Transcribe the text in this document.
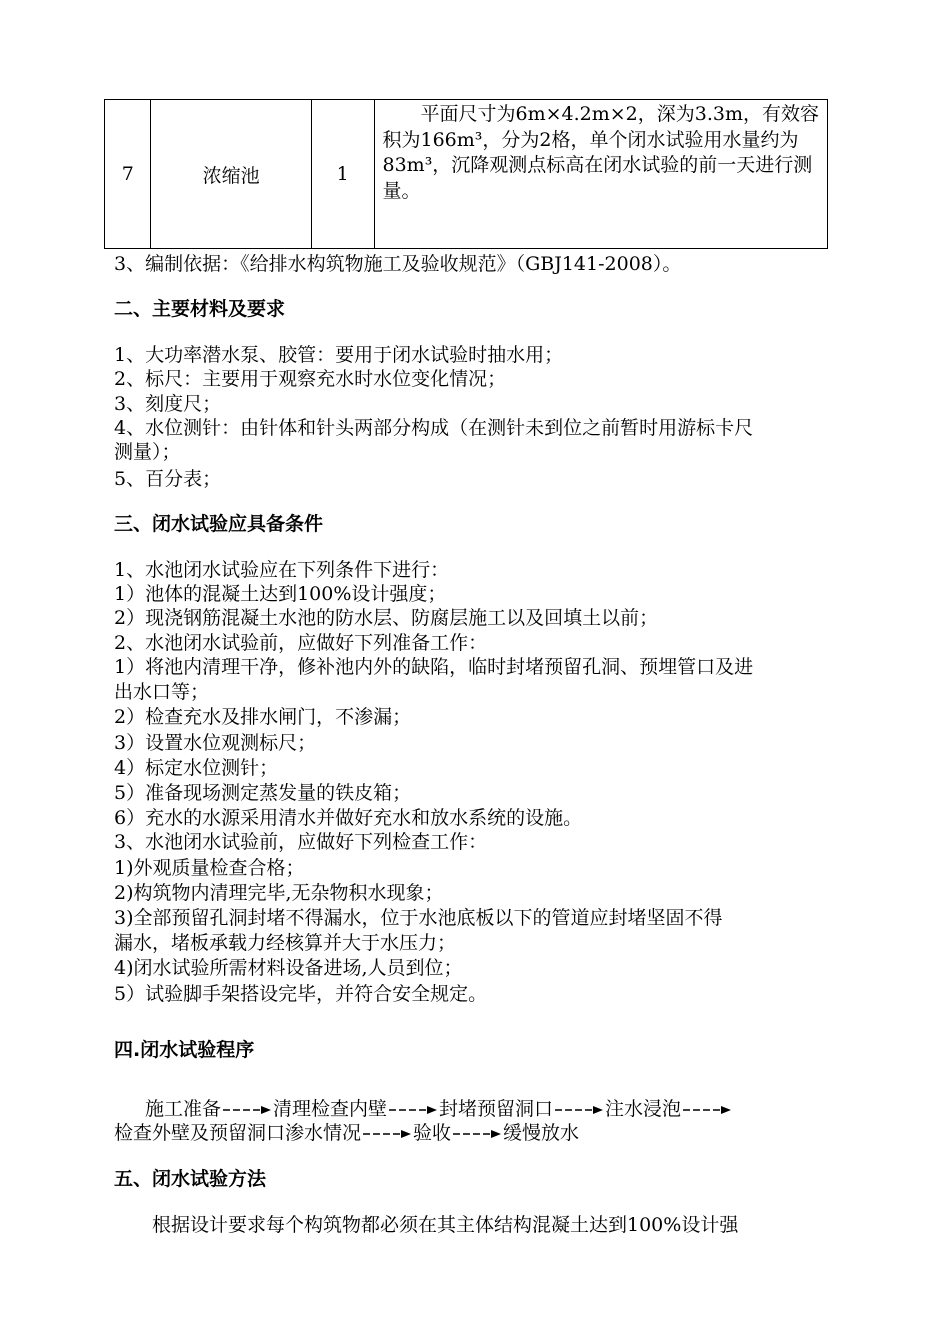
7	浓缩池	1	
　　平面尺寸为6m×4.2m×2，深为3.3m，有效容
积为166m³，分为2格，单个闭水试验用水量约为
83m³，沉降观测点标高在闭水试验的前一天进行测
量。
3、编制依据：《给排水构筑物施工及验收规范》（GBJ141-2008）。
二、主要材料及要求
1、大功率潜水泵、胶管：要用于闭水试验时抽水用；
2、标尺：主要用于观察充水时水位变化情况；
3、刻度尺；
4、水位测针：由针体和针头两部分构成（在测针未到位之前暂时用游标卡尺
测量）；
5、百分表；
三、闭水试验应具备条件
1、水池闭水试验应在下列条件下进行：
1）池体的混凝土达到100%设计强度；
2）现浇钢筋混凝土水池的防水层、防腐层施工以及回填土以前；
2、水池闭水试验前，应做好下列准备工作：
1）将池内清理干净，修补池内外的缺陷，临时封堵预留孔洞、预埋管口及进
出水口等；
2）检查充水及排水闸门，不渗漏；
3）设置水位观测标尺；
4）标定水位测针；
5）准备现场测定蒸发量的铁皮箱；
6）充水的水源采用清水并做好充水和放水系统的设施。
3、水池闭水试验前，应做好下列检查工作：
1)外观质量检查合格；
2)构筑物内清理完毕,无杂物积水现象；
3)全部预留孔洞封堵不得漏水，位于水池底板以下的管道应封堵坚固不得
漏水，堵板承载力经核算并大于水压力；
4)闭水试验所需材料设备进场,人员到位；
5）试验脚手架搭设完毕，并符合安全规定。
四.闭水试验程序
施工准备	清理检查内壁	封堵预留洞口	注水浸泡
检查外壁及预留洞口渗水情况	验收	缓慢放水
五、闭水试验方法
　　根据设计要求每个构筑物都必须在其主体结构混凝土达到100%设计强
